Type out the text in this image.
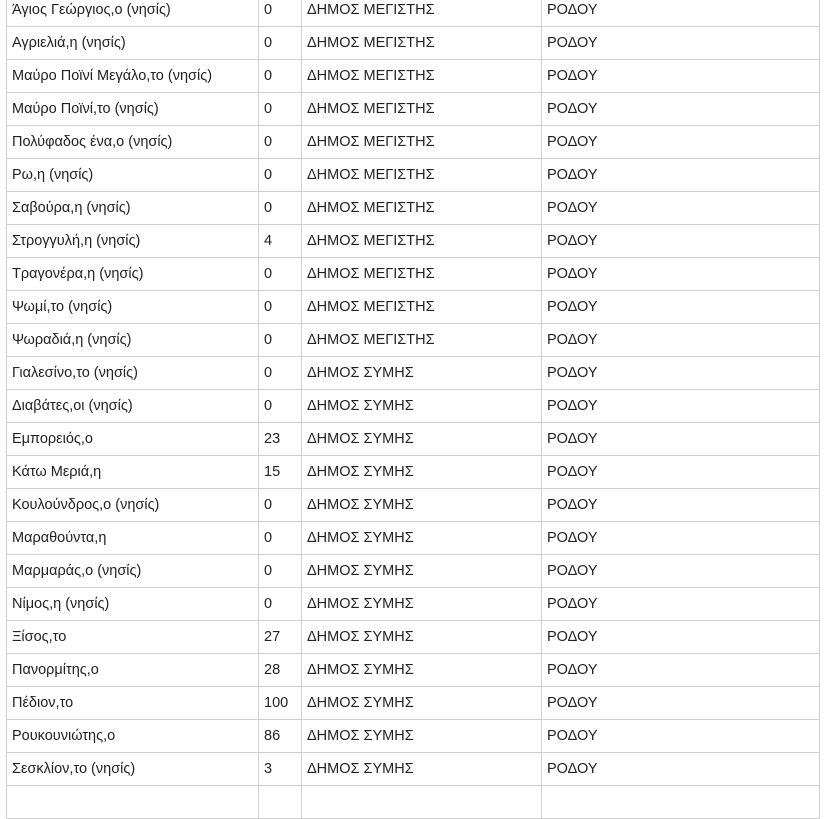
Άγιος Γεώργιος,ο (νησίς)	0	ΔΗΜΟΣ ΜΕΓΙΣΤΗΣ	ΡΟΔΟΥ
Αγριελιά,η (νησίς)	0	ΔΗΜΟΣ ΜΕΓΙΣΤΗΣ	ΡΟΔΟΥ
Μαύρο Ποϊνί Μεγάλο,το (νησίς)	0	ΔΗΜΟΣ ΜΕΓΙΣΤΗΣ	ΡΟΔΟΥ
Μαύρο Ποϊνί,το (νησίς)	0	ΔΗΜΟΣ ΜΕΓΙΣΤΗΣ	ΡΟΔΟΥ
Πολύφαδος ένα,ο (νησίς)	0	ΔΗΜΟΣ ΜΕΓΙΣΤΗΣ	ΡΟΔΟΥ
Ρω,η (νησίς)	0	ΔΗΜΟΣ ΜΕΓΙΣΤΗΣ	ΡΟΔΟΥ
Σαβούρα,η (νησίς)	0	ΔΗΜΟΣ ΜΕΓΙΣΤΗΣ	ΡΟΔΟΥ
Στρογγυλή,η (νησίς)	4	ΔΗΜΟΣ ΜΕΓΙΣΤΗΣ	ΡΟΔΟΥ
Τραγονέρα,η (νησίς)	0	ΔΗΜΟΣ ΜΕΓΙΣΤΗΣ	ΡΟΔΟΥ
Ψωμί,το (νησίς)	0	ΔΗΜΟΣ ΜΕΓΙΣΤΗΣ	ΡΟΔΟΥ
Ψωραδιά,η (νησίς)	0	ΔΗΜΟΣ ΜΕΓΙΣΤΗΣ	ΡΟΔΟΥ
Γιαλεσίνο,το (νησίς)	0	ΔΗΜΟΣ ΣΥΜΗΣ	ΡΟΔΟΥ
Διαβάτες,οι (νησίς)	0	ΔΗΜΟΣ ΣΥΜΗΣ	ΡΟΔΟΥ
Εμπορειός,ο	23	ΔΗΜΟΣ ΣΥΜΗΣ	ΡΟΔΟΥ
Κάτω Μεριά,η	15	ΔΗΜΟΣ ΣΥΜΗΣ	ΡΟΔΟΥ
Κουλούνδρος,ο (νησίς)	0	ΔΗΜΟΣ ΣΥΜΗΣ	ΡΟΔΟΥ
Μαραθούντα,η	0	ΔΗΜΟΣ ΣΥΜΗΣ	ΡΟΔΟΥ
Μαρμαράς,ο (νησίς)	0	ΔΗΜΟΣ ΣΥΜΗΣ	ΡΟΔΟΥ
Νίμος,η (νησίς)	0	ΔΗΜΟΣ ΣΥΜΗΣ	ΡΟΔΟΥ
Ξίσος,το	27	ΔΗΜΟΣ ΣΥΜΗΣ	ΡΟΔΟΥ
Πανορμίτης,ο	28	ΔΗΜΟΣ ΣΥΜΗΣ	ΡΟΔΟΥ
Πέδιον,το	100	ΔΗΜΟΣ ΣΥΜΗΣ	ΡΟΔΟΥ
Ρουκουνιώτης,ο	86	ΔΗΜΟΣ ΣΥΜΗΣ	ΡΟΔΟΥ
Σεσκλίον,το (νησίς)	3	ΔΗΜΟΣ ΣΥΜΗΣ	ΡΟΔΟΥ
